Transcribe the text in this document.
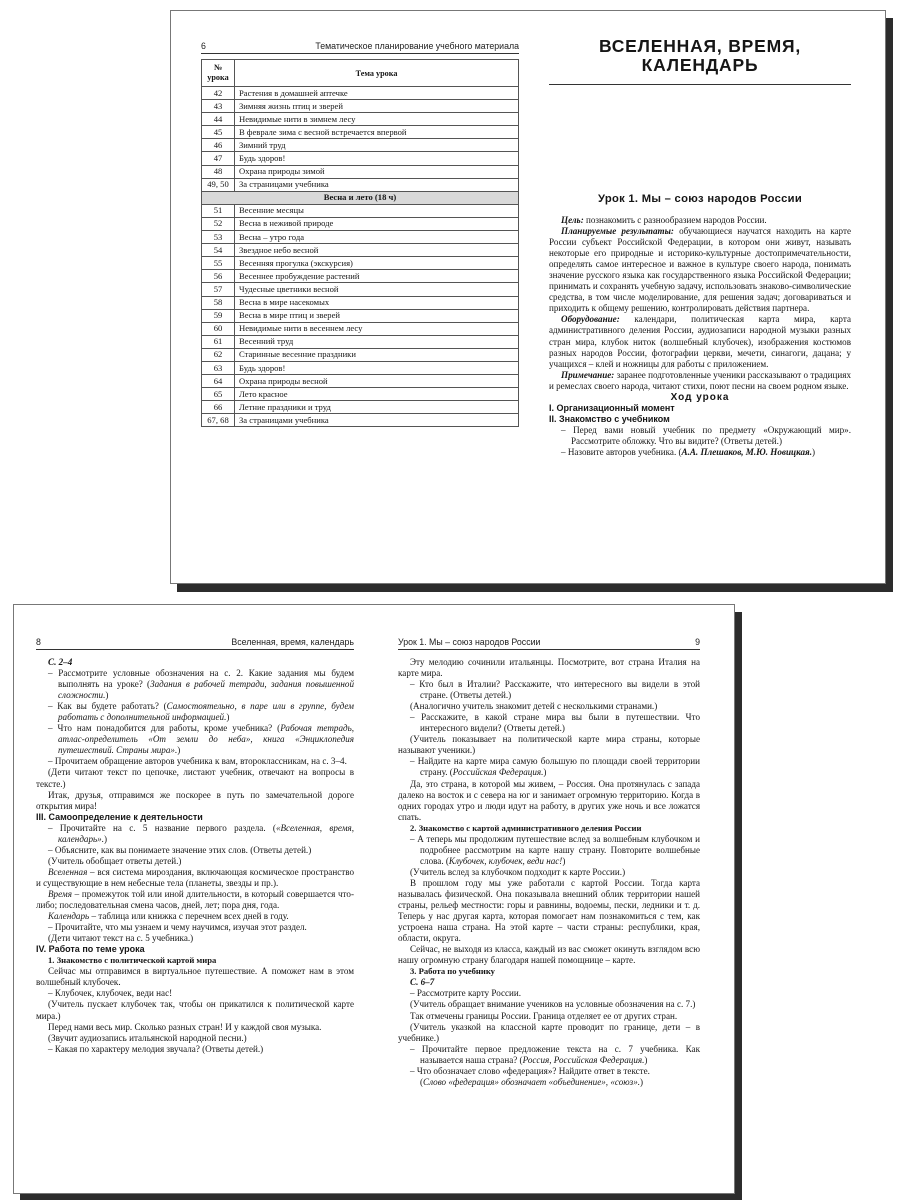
6	Тематическое планирование учебного материала
№
урока	Тема урока
42	Растения в домашней аптечке
43	Зимняя жизнь птиц и зверей
44	Невидимые нити в зимнем лесу
45	В феврале зима с весной встречается впервой
46	Зимний труд
47	Будь здоров!
48	Охрана природы зимой
49, 50	За страницами учебника
Весна и лето (18 ч)	
51	Весенние месяцы
52	Весна в неживой природе
53	Весна – утро года
54	Звездное небо весной
55	Весенняя прогулка (экскурсия)
56	Весеннее пробуждение растений
57	Чудесные цветники весной
58	Весна в мире насекомых
59	Весна в мире птиц и зверей
60	Невидимые нити в весеннем лесу
61	Весенний труд
62	Старинные весенние праздники
63	Будь здоров!
64	Охрана природы весной
65	Лето красное
66	Летние праздники и труд
67, 68	За страницами учебника
ВСЕЛЕННАЯ, ВРЕМЯ, КАЛЕНДАРЬ
Урок 1. Мы – союз народов России

Цель: познакомить с разнообразием народов России.

Планируемые результаты: обучающиеся научатся находить на карте России субъект Российской Федерации, в котором они живут, называть некоторые его природные и историко-культурные достопримечательности, определять самое интересное и важное в культуре своего народа, понимать значение русского языка как государственного языка Российской Федерации; принимать и сохранять учебную задачу, использовать знаково-символические средства, в том числе моделирование, для решения задач; договариваться и приходить к общему решению, контролировать действия партнера.

Оборудование: календари, политическая карта мира, карта административного деления России, аудиозаписи народной музыки разных стран мира, клубок ниток (волшебный клубочек), изображения костюмов разных народов России, фотографии церкви, мечети, синагоги, дацана; у учащихся – клей и ножницы для работы с приложением.

Примечание: заранее подготовленные ученики рассказывают о традициях и ремеслах своего народа, читают стихи, поют песни на своем родном языке.

Ход урока

I. Организационный момент

II. Знакомство с учебником

– Перед вами новый учебник по предмету «Окружающий мир». Рассмотрите обложку. Что вы видите? (Ответы детей.)

– Назовите авторов учебника. (А.А. Плешаков, М.Ю. Новицкая.)

8	Вселенная, время, календарь	Урок 1. Мы – союз народов России	9

С. 2–4

– Рассмотрите условные обозначения на с. 2. Какие задания мы будем выполнять на уроке? (Задания в рабочей тетради, задания повышенной сложности.)

– Как вы будете работать? (Самостоятельно, в паре или в группе, будем работать с дополнительной информацией.)

– Что нам понадобится для работы, кроме учебника? (Рабочая тетрадь, атлас-определитель «От земли до неба», книга «Энциклопедия путешествий. Страны мира».)

– Прочитаем обращение авторов учебника к вам, второклассникам, на с. 3–4.

(Дети читают текст по цепочке, листают учебник, отвечают на вопросы в тексте.)

Итак, друзья, отправимся же поскорее в путь по замечательной дороге открытия мира!

III. Самоопределение к деятельности

– Прочитайте на с. 5 название первого раздела. («Вселенная, время, календарь».)

– Объясните, как вы понимаете значение этих слов. (Ответы детей.)

(Учитель обобщает ответы детей.)

Вселенная – вся система мироздания, включающая космическое пространство и существующие в нем небесные тела (планеты, звезды и пр.).

Время – промежуток той или иной длительности, в который совершается что-либо; последовательная смена часов, дней, лет; пора дня, года.

Календарь – таблица или книжка с перечнем всех дней в году.

– Прочитайте, что мы узнаем и чему научимся, изучая этот раздел.

(Дети читают текст на с. 5 учебника.)

IV. Работа по теме урока

1. Знакомство с политической картой мира

Сейчас мы отправимся в виртуальное путешествие. А поможет нам в этом волшебный клубочек.

– Клубочек, клубочек, веди нас!

(Учитель пускает клубочек так, чтобы он прикатился к политической карте мира.)

Перед нами весь мир. Сколько разных стран! И у каждой своя музыка.

(Звучит аудиозапись итальянской народной песни.)

– Какая по характеру мелодия звучала? (Ответы детей.)

Эту мелодию сочинили итальянцы. Посмотрите, вот страна Италия на карте мира.

– Кто был в Италии? Расскажите, что интересного вы видели в этой стране. (Ответы детей.)

(Аналогично учитель знакомит детей с несколькими странами.)

– Расскажите, в какой стране мира вы были в путешествии. Что интересного видели? (Ответы детей.)

(Учитель показывает на политической карте мира страны, которые называют ученики.)

– Найдите на карте мира самую большую по площади своей территории страну. (Российская Федерация.)

Да, это страна, в которой мы живем, – Россия. Она протянулась с запада далеко на восток и с севера на юг и занимает огромную территорию. Когда в одних городах утро и люди идут на работу, в других уже ночь и все ложатся спать.

2. Знакомство с картой административного деления России

– А теперь мы продолжим путешествие вслед за волшебным клубочком и подробнее рассмотрим на карте нашу страну. Повторите волшебные слова. (Клубочек, клубочек, веди нас!)

(Учитель вслед за клубочком подходит к карте России.)

В прошлом году мы уже работали с картой России. Тогда карта называлась физической. Она показывала внешний облик территории нашей страны, рельеф местности: горы и равнины, водоемы, пески, ледники и т. д. Теперь у нас другая карта, которая помогает нам познакомиться с тем, как устроена наша страна. На этой карте – части страны: республики, края, области, округа.

Сейчас, не выходя из класса, каждый из вас сможет окинуть взглядом всю нашу огромную страну благодаря нашей помощнице – карте.

3. Работа по учебнику

С. 6–7

– Рассмотрите карту России.

(Учитель обращает внимание учеников на условные обозначения на с. 7.)

Так отмечены границы России. Граница отделяет ее от других стран.

(Учитель указкой на классной карте проводит по границе, дети – в учебнике.)

– Прочитайте первое предложение текста на с. 7 учебника. Как называется наша страна? (Россия, Российская Федерация.)

– Что обозначает слово «федерация»? Найдите ответ в тексте.

(Слово «федерация» обозначает «объединение», «союз».)
